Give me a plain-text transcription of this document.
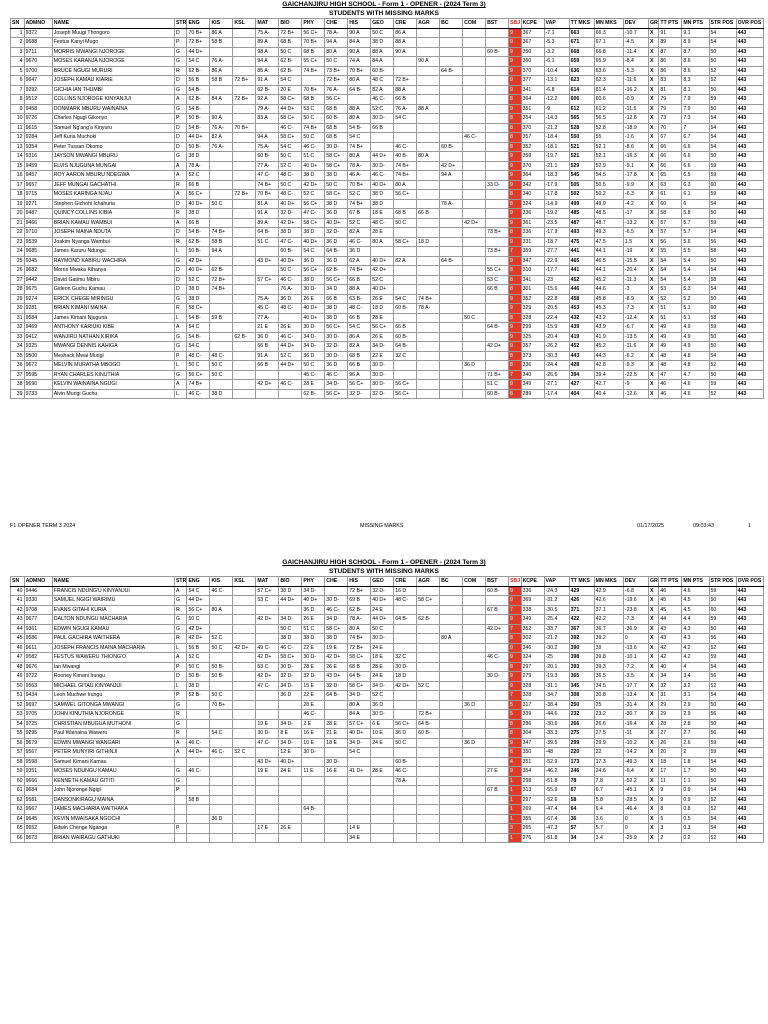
GAICHANJIRU HIGH SCHOOL - Form 1 - OPENER - (2024 Term 3)
STUDENTS WITH MISSING MARKS
SN	ADMNO	NAME	STR	ENG	KIS	KSL	MAT	BIO	PHY	CHE	HIS	GEO	CRE	AGR	BC	COM	BST	SBJ	KCPE	VAP	TT MKS	MN MKS	DEV	GR	TT PTS	MN PTS	STR POS	OVR POS
1	9372	Joseph Muugi Thongoro	D	70 B+	86 A		75 A-	72 B+	56 C+	78 A-	90 A	50 C	86 A					9	367	-7.1	663	66.3	-10.7	X	91	9.1	54	443
2	9688	Festus Kanyi Mugo	P	72 B+	58 B		89 A	68 B	70 B+	94 A	84 A	38 D	88 A					9	367	-5.3	671	67.1	-4.5	X	89	8.9	54	443
3	9711	MORRIS MWANGI NJOROGE	G	44 D+			98 A	50 C	68 B	80 A	90 A	88 A	90 A				60 B-	9	350	-3.2	668	66.8	-11.4	X	87	8.7	50	443
4	9670	MOSES KARANJA NJOROGE	G	54 C	76 A-		94 A	62 B-	55 C+	50 C	74 A	84 A		90 A				9	360	-6.1	659	65.9	-8.4	X	86	8.6	50	443
5	9700	BRUCE NGUGI MURURI	R	62 B-	86 A		85 A	62 B-	74 B+	73 B+	70 B+	60 B-			64 B-			9	370	-10.4	636	63.6	-5.3	X	86	8.6	52	443
6	9647	JOSEPH KAMAU KIARIE	D	56 B	58 B	72 B+	91 A	54 C		72 B+	80 A	48 C	72 B+					9	377	-13.1	623	62.3	-11.6	X	83	8.3	52	443
7	9292	GICHIA IAN THUMBI	G	54 B-			62 B-	20 E	70 B+	76 A-	64 B-	82 A	88 A					9	341	-6.8	614	61.4	-16.2	X	81	8.1	50	443
8	9512	COLLINS NJOROGE KINYANJUI	A	62 B-	84 A	72 B+	92 A	58 C+	68 B	56 C+		46 C-	66 B					8	364	-12.2	606	60.6	-0.9	X	79	7.9	59	443
9	9458	DONMARK MBURU WAINAINA	G	54 B-			79 A-	44 D+	53 C	68 B	88 A	52 C	76 A-	88 A				9	351	-9	612	61.2	-11.5	X	79	7.9	50	443
10	9726	Charles Ngugi Gikonyo	P	50 B-	90 A		83 A	58 C+	50 C	60 B-	80 A	30 D-	54 C					8	354	-14.3	565	56.5	-12.6	X	73	7.3	54	443
11	9615	Samuel Ng'ang'a Kinyuru	D	54 B-	76 A-	70 B+		46 C-	74 B+	68 B	54 B-	66 B						8	370	-21.2	528	52.8	-18.9	X	70	7	54	443
12	9284	Jeff Kuria Muchoki	D	44 D+	82 A		94 A	58 C+	50 C	68 B	54 C					46 C-		8	357	-18.4	550	55	-1.6	X	67	6.7	54	443
13	9354	Peter Tussan Okomo	D	50 B-	76 A-		75 A-	54 C	46 C-	30 D-	74 B+		46 C-		60 B-			8	352	-18.1	521	52.1	-8.6	X	66	6.6	54	443
14	9316	JAYSON MWANGI MBURU	G	38 D			60 B-	50 C	51 C	58 C+	80 A	44 D+	40 B-	80 A				9	359	-19.7	521	52.1	-16.3	X	66	6.6	50	443
15	9459	ELVIS NJUGUNA MUNGAI	A	78 A-			77 A-	52 C	40 D+	58 C+	78 A-	30 D-	74 B+		42 D+			9	370	-21.1	529	52.9	-9.1	X	66	6.6	59	443
16	9457	ROY AARON MBURU NDEGWA	A	52 C			47 C-	48 C-	38 D	38 D	46 A-	46 C-	74 B+		94 A			9	364	-18.3	545	54.5	-17.8	X	65	6.5	59	443
17	9657	JEFF MUNGAI GACHATHI	R	66 B			74 B+	50 C	42 D+	50 C	70 B+	40 D+	80 A				33 D-	9	342	-17.9	505	50.5	-9.9	X	63	6.3	60	443
18	9715	MOSES KARINGA NJAU	A	56 C+		72 B+	70 B+	48 C-	52 C	58 C+	52 C	38 D	56 C+					8	340	-17.8	502	50.2	-6.3	X	61	6.1	59	443
19	9271	Stephen Gichohi Ichahuria	D	40 D+	50 C		81 A	40 D+	56 C+	38 D	74 B+	38 D			78 A-			8	324	-14.9	499	49.9	-4.2	X	60	6	54	443
20	9487	QUINCY COLLINS KIBIA	R	38 D			91 A	32 D-	47 C-	36 D	67 B	18 E	68 B	66 B				9	336	-19.2	485	48.5	-17	X	58	5.8	50	443
21	9466	BRIAN KAMAU WAMBUI	A	66 B			89 A	42 D+	58 C+	40 D+	52 C	48 C-	50 C			42 D+		9	361	-23.5	487	48.7	-13.2	X	57	5.7	59	443
22	9710	JOSEPH MAINA NDUTA	D	54 B-	74 B+		64 B-	38 D	38 D	32 D-	82 A	28 E					73 B+	8	336	-17.9	493	49.3	-6.5	X	57	5.7	54	443
23	9539	Joakim Nyanga Wambui	R	62 B-	58 B		51 C	47 C-	40 D+	36 D	46 C-	80 A	58 C+	18 D				9	331	-18.7	475	47.5	1.5	X	56	5.6	56	443
24	9685	James Karuru Ndungu	L	50 B-	94 A			60 B-	54 C	64 B-	36 D						73 B+	7	359	-27.7	441	44.1	-19	X	55	5.5	58	443
25	9345	RAYMOND KABIRU WACHIRA	G	42 D+			43 D+	40 D+	36 D	36 D	62 A	40 D+	82 A		64 B-			9	347	-22.9	465	46.5	-15.5	X	54	5.4	50	443
26	9682	Morris Mwaka Kihanya	D	40 D+	62 B-			50 C	56 C+	62 B-	74 B+	42 D+					55 C+	8	310	-17.7	441	44.1	-20.4	X	54	5.4	54	443
27	9442	David Gatimu Mbiru	D	52 C	72 B+		57 C+	46 C-	38 D	56 C+	66 B	52 C					53 C	8	341	-23	452	45.2	-11.3	X	54	5.4	58	443
28	9675	Gideon Guchu Kamau	D	38 D	74 B+			76 A-	30 D-	34 D	88 A	40 D+					66 B	8	301	-15.6	446	44.6	-3	X	53	5.3	54	443
29	9274	ERICK CHEGE MIRINGU	G	38 D			75 A-	36 D	26 E	66 B	63 B-	26 E	54 C	74 B+				9	352	-22.8	458	45.8	-8.9	X	52	5.2	50	443
30	9281	BRIAN KIMANI MAINA	R	58 C+			45 C-	48 C-	40 D+	38 D	48 C-	18 D	60 B-	78 A-				9	329	-20.5	453	45.3	-7.3	X	51	5.1	60	443
31	9584	James Kimani Njuguna	L	54 B-	59 B		77 A-		40 D+	38 D	66 B	28 E				50 C		8	328	-22.4	432	43.2	-12.4	X	51	5.1	58	443
32	9469	ANTHONY KARIUKI KIBE	A	54 C			21 E	26 E	30 D-	56 C+	54 C	56 C+	66 B				64 B-	9	299	-15.9	439	43.9	-6.7	X	49	4.9	59	443
33	9412	WANJIRU NATHAN KIRIKA	G	54 B-		62 B-	36 D	46 C-	34 D-	30 D-	86 A	26 E	60 B-					9	325	-20.4	419	41.9	-13.5	X	49	4.9	50	443
34	9325	MWANGI DENNIS KAHIGA	G	54 C			66 B	44 D+	34 D-	32 D-	82 A	34 D-	64 B-				42 D+	9	357	-26.2	452	45.2	-11.6	X	49	4.9	50	443
35	9500	Meshack Mwai Murigi	P	48 C-	48 C-		91 A	52 C	36 D	30 D-	68 B	22 E	32 C					8	373	-30.3	443	44.3	-6.2	X	48	4.8	54	443
36	9672	MELVIN MURATHA MBOGO	L	50 C	50 C		66 B	44 D+	50 C	36 D	66 B	30 D-				36 D		8	336	-24.4	428	42.8	-9.3	X	48	4.8	52	443
37	9595	RYAN CHARLES KINUTHIA	G	56 C+	50 C				45 C-	46 C-	96 A	30 D-					71 B+	7	340	-26.6	394	39.4	-22.5	X	47	4.7	50	443
38	9690	KELVIN WAINAINA NGUGI	A	74 B+			42 D+	46 C-	28 E	34 D-	56 C+	30 D-	56 C+				51 C	9	349	-27.1	427	42.7	-9	X	46	4.6	59	443
39	9733	Alvin Murigi Guchu	L	46 C-	38 D				62 B-	56 C+	32 D-	32 D-	56 C+				60 B-	8	289	-17.4	404	40.4	-12.6	X	46	4.6	52	443
F1 OPENER TERM 3 2024	MISSING MARKS	01/17/2025	09:03:43	1
GAICHANJIRU HIGH SCHOOL - Form 1 - OPENER - (2024 Term 3)
STUDENTS WITH MISSING MARKS
SN	ADMNO	NAME	STR	ENG	KIS	KSL	MAT	BIO	PHY	CHE	HIS	GEO	CRE	AGR	BC	COM	BST	SBJ	KCPE	VAP	TT MKS	MN MKS	DEV	GR	TT PTS	MN PTS	STR POS	OVR POS
40	9446	FRANCIS NDUNG'U KINYANJUI	A	54 C	46 C-		57 C+	38 D	34 D-		72 B+	32 D-	16 D				60 B-	9	336	-24.3	429	42.9	-6.8	X	46	4.6	59	443
41	9330	SAMUEL NGIGI WAIRIMU	G	44 D+			53 C	44 D+	40 D+	30 D-	69 B	40 D+	48 C-	58 C+				9	369	-31.2	426	42.6	-19.6	X	45	4.5	50	443
42	9708	EVANS GITAHI KURIA	R	56 C+	80 A				36 D	46 C-	62 B-	24 E					67 B	7	338	-30.5	371	37.1	-23.8	X	45	4.5	60	443
43	9677	DALTON NDUNGU MACHARIA	G	50 C			42 D+	34 D-	26 E	34 D-	78 A-	44 D+	64 B-	62 B-				9	349	-25.4	422	42.2	-7.3	X	44	4.4	59	443
44	9361	EDWIN NGUGI KAMAU	G	42 D+				50 C	51 C	58 C+	80 A	50 C					42 D+	7	352	-33.7	367	36.7	-36.9	X	43	4.3	50	443
45	9586	PAUL GACHIRA WAITHERA	R	42 D+	52 C			38 D	38 D	38 D	74 B+	30 D-			80 A			8	302	-21.2	392	39.2	0	X	43	4.3	56	443
46	9611	JOSEPH FRANCIS MAINA MACHARIA	L	56 B	50 C	42 D+	49 C-	46 C-	22 E	19 E	72 B+	24 E						9	346	-30.2	390	39	-13.6	X	42	4.2	52	443
47	9582	FESTUS WAWERU THIONG'O	A	52 C			42 D+	58 C+	30 D-	42 D+	58 C+	18 E	32 C				46 C-	9	324	-25	398	39.8	-10.1	X	42	4.2	59	443
48	9676	Ian Mwangi	P	50 C	50 B-		53 C	30 D-	28 E	26 E	68 B	28 E	30 D-					8	297	-20.1	393	39.3	-7.2	X	40	4	54	443
49	9722	Rooney Kimani Irungu	D	50 B-	50 B-		42 D+	32 D-	32 D-	43 D+	64 B-	24 E	18 D				30 D-	9	279	-19.3	365	36.5	-3.5	X	34	3.4	56	443
50	9563	MICHAEL GITAU KINYANJUI	L	38 D			47 C-	34 D-	15 E	32 D-	58 C+	34 D-	42 D+	52 C				9	328	-31.1	345	34.5	-17.7	X	32	3.2	52	443
51	9434	Leon Muchwe Irungu	P	52 B-	50 C			36 D	22 E	64 B-	34 D-	52 C						7	328	-34.7	308	30.8	-13.4	X	31	3.1	54	443
52	9697	SAMWEL GITONGA MWANGI	G		70 B+				28 E		80 A	36 D				36 D		5	317	-38.4	250	25	-31.4	X	29	2.9	50	443
53	9705	JOHN KINUTHIA NJORONGE	R						46 C-		84 A	30 D-		72 B+				5	339	-44.6	232	23.2	-30.7	X	29	2.9	56	443
54	9725	CHRISTIAN MBUGUA MUTHONI	G				19 E	34 D-	2 E	28 E	57 C+	6 E	56 C+	64 B-				8	286	-30.6	266	26.6	-16.4	X	28	2.8	50	443
55	9295	Paul Wainaina Waweru	R		54 C		30 D-	8 E	16 E	21 E	40 D+	10 E	36 D	60 B-				8	304	-33.3	275	27.5	-11	X	27	2.7	56	443
56	9679	EDWIN MWANGI WANGARI	A	46 C-			47 C-	34 D-	10 E	18 E	34 D-	24 E	50 C			36 D		9	347	-39.5	299	29.9	-10.2	X	26	2.6	59	443
57	9567	PETER MUNYIRI GITHINJI	A	44 D+	46 C-	52 C		12 E	30 D-		54 C							6	350	-48	220	22	-14.2	X	20	2	59	443
58	9598	Samuel Kimani Kamau					43 D+	40 D+		30 D-			60 B-					4	351	-52.9	173	17.3	-49.3	X	18	1.8	54	443
59	9351	MOSES NDUNGU KAMAU	G	46 C-			19 E	24 E	11 E	16 E	41 D+	28 E	46 C-				27 E	9	354	-46.2	246	24.6	-6.4	X	17	1.7	50	443
60	9666	KENNETH KAMAU GITITI	G										78 A-					1	298	-51.8	78	7.8	-52.2	X	11	1.1	50	443
61	9684	John Njoronge Ngigi	P														67 B	1	313	-55.9	67	6.7	-45.1	X	9	0.9	54	443
62	9581	DANSONKIRAGU MAINA		58 B														1	297	-52.6	58	5.8	-28.5	X	9	0.9	52	443
63	9667	JAMES MACHARIA WAITHAKA							64 B-									1	269	-47.4	64	6.4	-46.4	X	8	0.8	52	443
64	9645	KEVIN MWAISAKA NGOCHI			36 D													1	355	-67.4	36	3.6	0	X	5	0.5	54	443
65	9652	Edwin Chenge Nganga	P				17 E	26 E			14 E							3	265	-47.3	57	5.7	0	X	3	0.3	54	443
66	9673	BRIAN WAIRAGU GATHUKI									34 E							1	276	-51.8	34	3.4	-25.9	X	2	0.2	52	443
